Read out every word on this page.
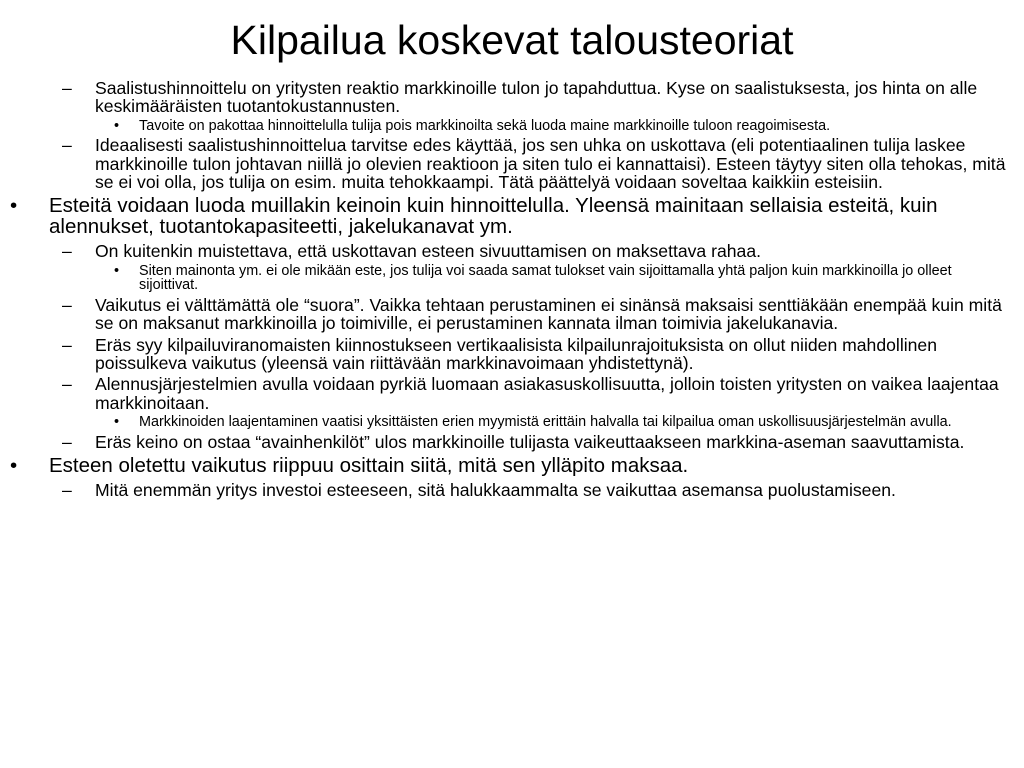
Kilpailua koskevat talousteoriat
– Saalistushinnoittelu on yritysten reaktio markkinoille tulon jo tapahduttua. Kyse on saalistuksesta, jos hinta on alle keskimääräisten tuotantokustannusten.
• Tavoite on pakottaa hinnoittelulla tulija pois markkinoilta sekä luoda maine markkinoille tuloon reagoimisesta.
– Ideaalisesti saalistushinnoittelua tarvitse edes käyttää, jos sen uhka on uskottava (eli potentiaalinen tulija laskee markkinoille tulon johtavan niillä jo olevien reaktioon ja siten tulo ei kannattaisi). Esteen täytyy siten olla tehokas, mitä se ei voi olla, jos tulija on esim. muita tehokkaampi. Tätä päättelyä voidaan soveltaa kaikkiin esteisiin.
• Esteitä voidaan luoda muillakin keinoin kuin hinnoittelulla. Yleensä mainitaan sellaisia esteitä, kuin alennukset, tuotantokapasiteetti, jakelukanavat ym.
– On kuitenkin muistettava, että uskottavan esteen sivuuttamisen on maksettava rahaa.
• Siten mainonta ym. ei ole mikään este, jos tulija voi saada samat tulokset vain sijoittamalla yhtä paljon kuin markkinoilla jo olleet sijoittivat.
– Vaikutus ei välttämättä ole “suora”. Vaikka tehtaan perustaminen ei sinänsä maksaisi senttiäkään enempää kuin mitä se on maksanut markkinoilla jo toimiville, ei perustaminen kannata ilman toimivia jakelukanavia.
– Eräs syy kilpailuviranomaisten kiinnostukseen vertikaalisista kilpailunrajoituksista on ollut niiden mahdollinen poissulkeva vaikutus (yleensä vain riittävään markkinavoimaan yhdistettynä).
– Alennusjärjestelmien avulla voidaan pyrkiä luomaan asiakasuskollisuutta, jolloin toisten yritysten on vaikea laajentaa markkinoitaan.
• Markkinoiden laajentaminen vaatisi yksittäisten erien myymistä erittäin halvalla tai kilpailua oman uskollisuusjärjestelmän avulla.
– Eräs keino on ostaa “avainhenkilöt” ulos markkinoille tulijasta vaikeuttaakseen markkina-aseman saavuttamista.
• Esteen oletettu vaikutus riippuu osittain siitä, mitä sen ylläpito maksaa.
– Mitä enemmän yritys investoi esteeseen, sitä halukkaammalta se vaikuttaa asemansa puolustamiseen.
